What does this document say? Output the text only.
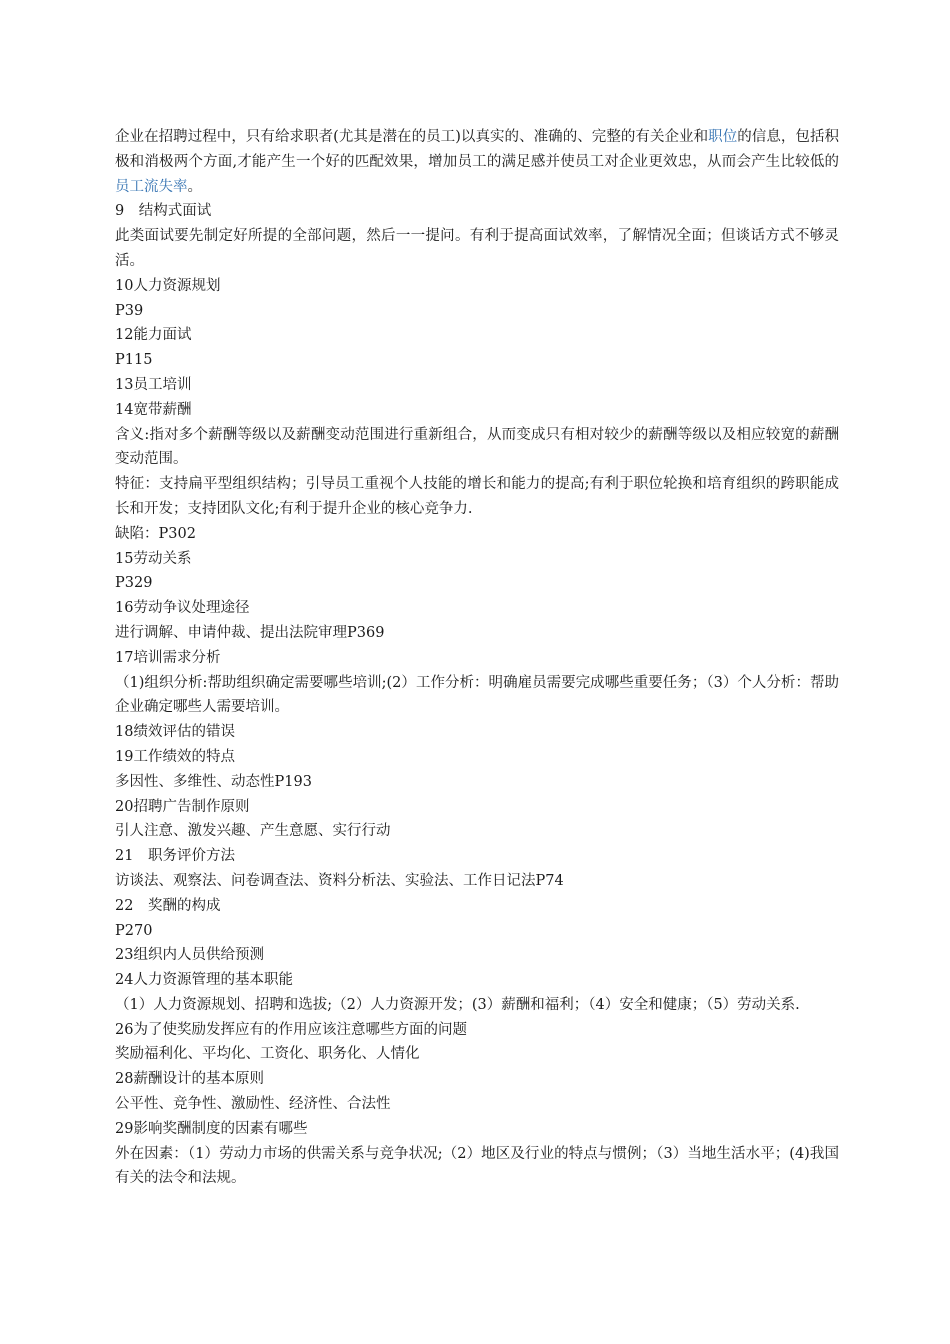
企业在招聘过程中，只有给求职者(尤其是潜在的员工)以真实的、准确的、完整的有关企业和职位的信息，包括积极和消极两个方面,才能产生一个好的匹配效果，增加员工的满足感并使员工对企业更效忠，从而会产生比较低的员工流失率。
9　结构式面试
此类面试要先制定好所提的全部问题，然后一一提问。有利于提高面试效率，了解情况全面；但谈话方式不够灵活。
10人力资源规划
P39
12能力面试
P115
13员工培训
14宽带薪酬
含义:指对多个薪酬等级以及薪酬变动范围进行重新组合，从而变成只有相对较少的薪酬等级以及相应较宽的薪酬变动范围。
特征：支持扁平型组织结构；引导员工重视个人技能的增长和能力的提高;有利于职位轮换和培育组织的跨职能成长和开发；支持团队文化;有利于提升企业的核心竞争力.
缺陷：P302
15劳动关系
P329
16劳动争议处理途径
进行调解、申请仲裁、提出法院审理P369
17培训需求分析
（1)组织分析:帮助组织确定需要哪些培训;(2）工作分析：明确雇员需要完成哪些重要任务；（3）个人分析：帮助企业确定哪些人需要培训。
18绩效评估的错误
19工作绩效的特点
多因性、多维性、动态性P193
20招聘广告制作原则
引人注意、激发兴趣、产生意愿、实行行动
21　职务评价方法
访谈法、观察法、问卷调查法、资料分析法、实验法、工作日记法P74
22　奖酬的构成
P270
23组织内人员供给预测
24人力资源管理的基本职能
（1）人力资源规划、招聘和选拔;（2）人力资源开发；(3）薪酬和福利；（4）安全和健康；（5）劳动关系.
26为了使奖励发挥应有的作用应该注意哪些方面的问题
奖励福利化、平均化、工资化、职务化、人情化
28薪酬设计的基本原则
公平性、竞争性、激励性、经济性、合法性
29影响奖酬制度的因素有哪些
外在因素：（1）劳动力市场的供需关系与竞争状况;（2）地区及行业的特点与惯例；（3）当地生活水平；(4)我国有关的法令和法规。
